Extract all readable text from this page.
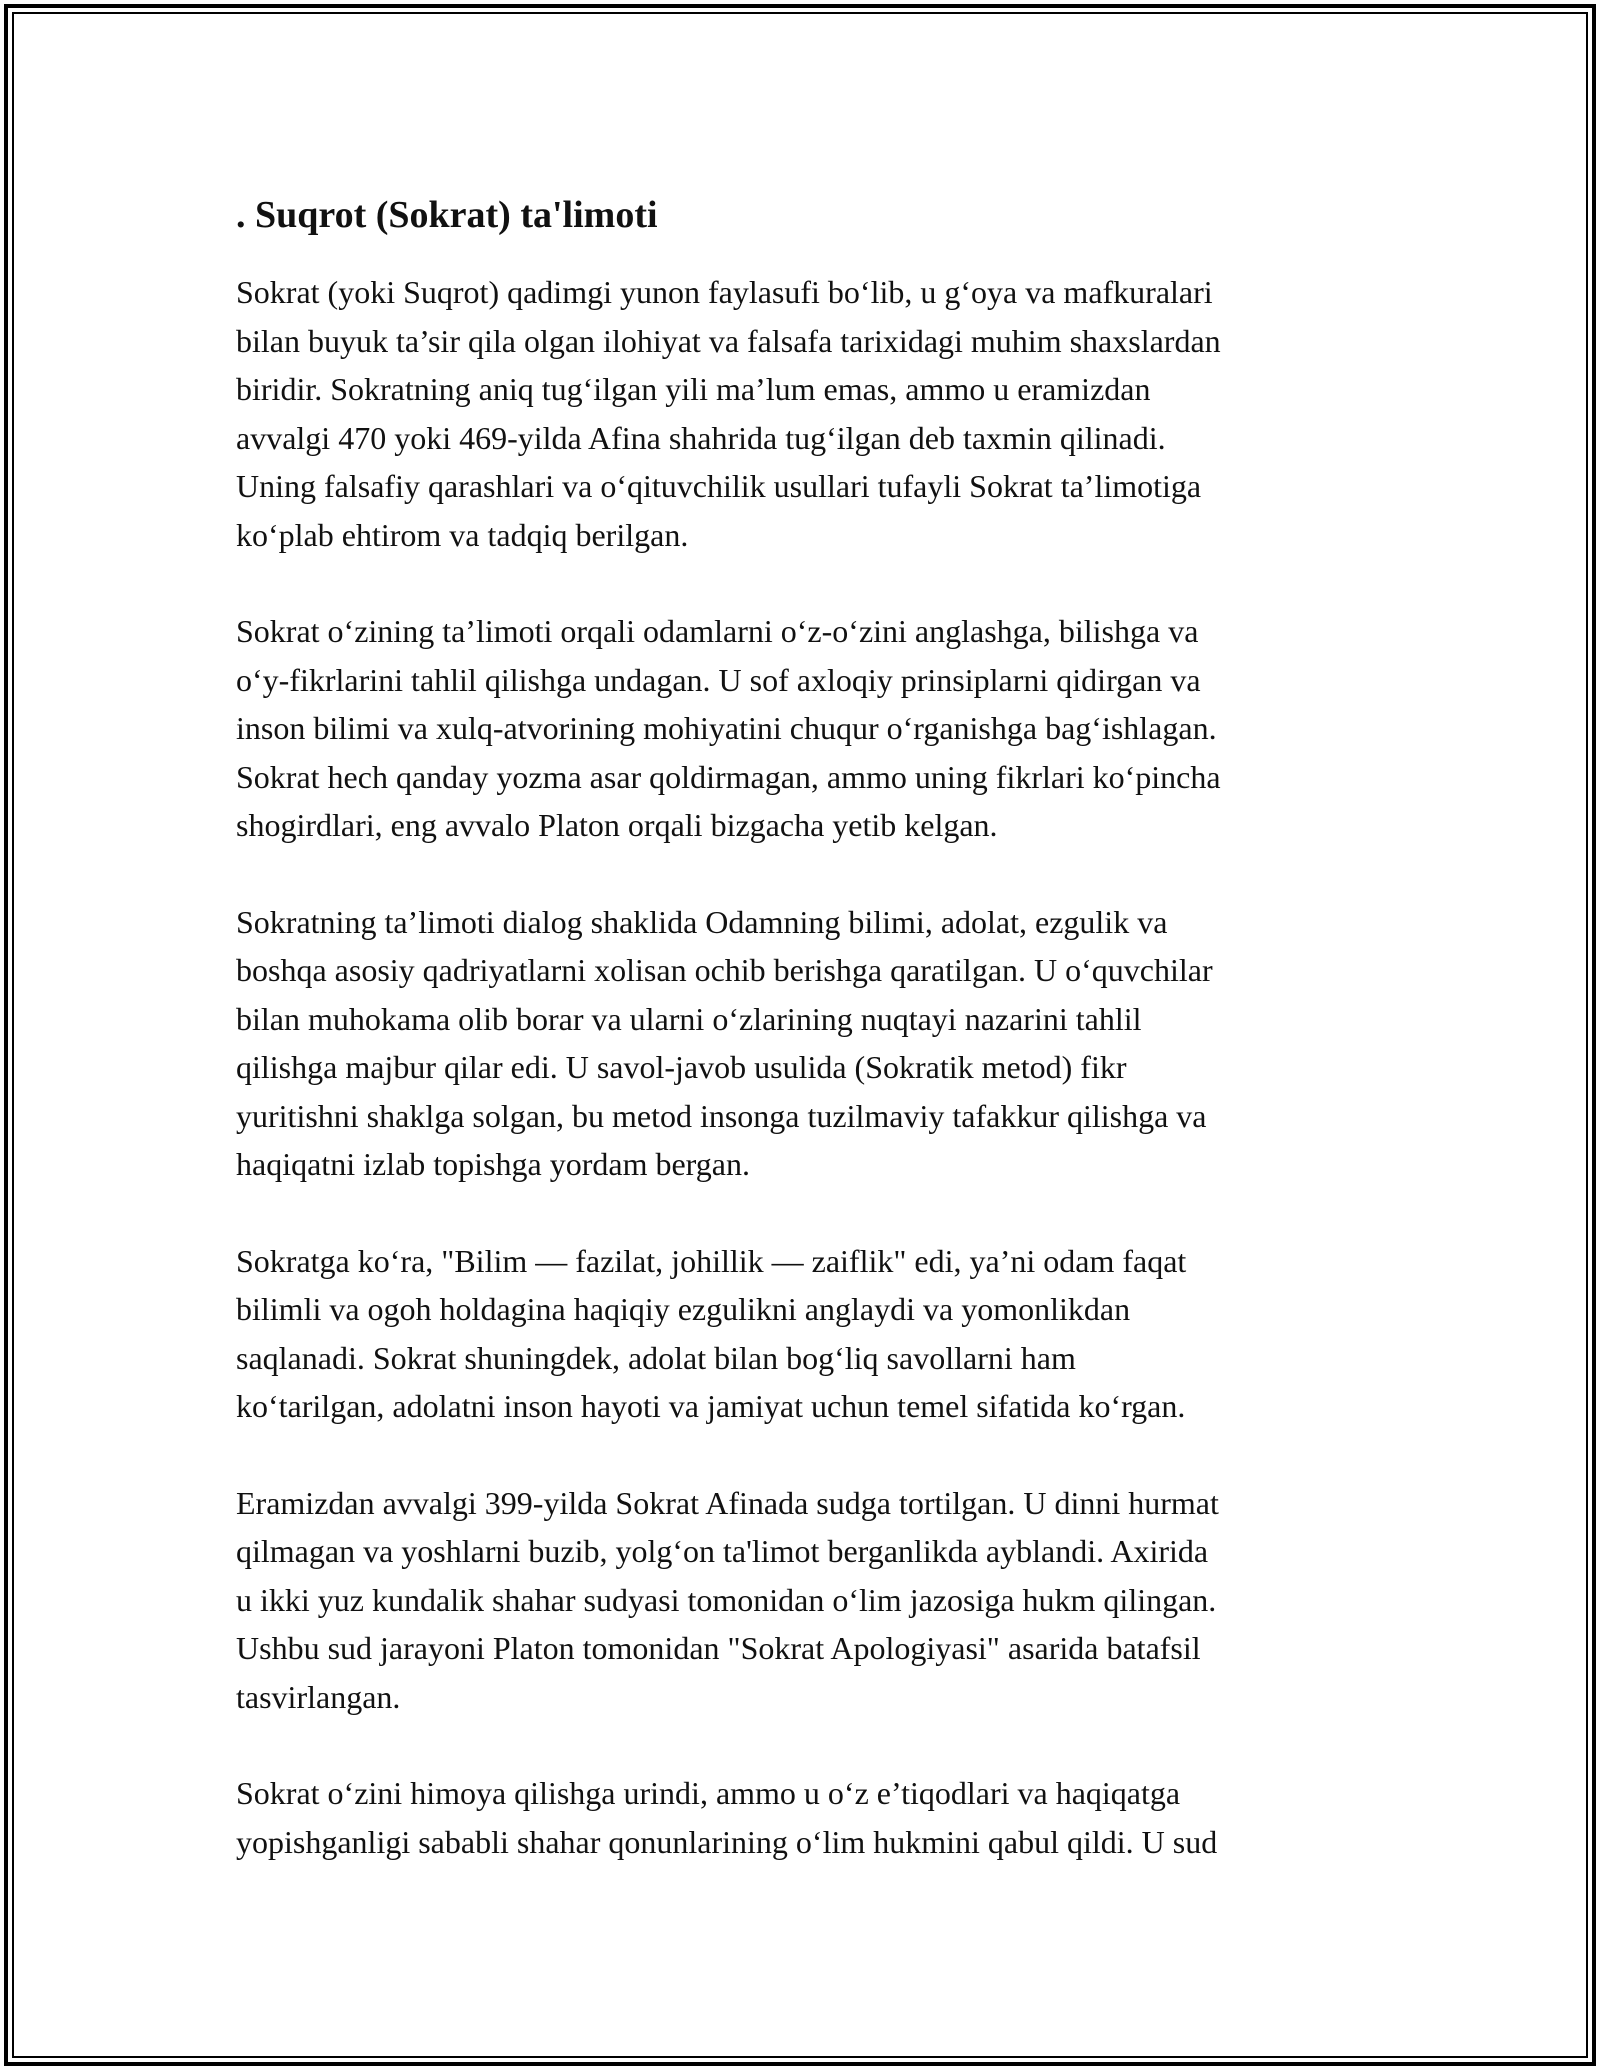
. Suqrot (Sokrat) ta'limoti

Sokrat (yoki Suqrot) qadimgi yunon faylasufi bo‘lib, u g‘oya va mafkuralari
bilan buyuk ta’sir qila olgan ilohiyat va falsafa tarixidagi muhim shaxslardan
biridir. Sokratning aniq tug‘ilgan yili ma’lum emas, ammo u eramizdan
avvalgi 470 yoki 469-yilda Afina shahrida tug‘ilgan deb taxmin qilinadi.
Uning falsafiy qarashlari va o‘qituvchilik usullari tufayli Sokrat ta’limotiga
ko‘plab ehtirom va tadqiq berilgan.

Sokrat o‘zining ta’limoti orqali odamlarni o‘z-o‘zini anglashga, bilishga va
o‘y-fikrlarini tahlil qilishga undagan. U sof axloqiy prinsiplarni qidirgan va
inson bilimi va xulq-atvorining mohiyatini chuqur o‘rganishga bag‘ishlagan.
Sokrat hech qanday yozma asar qoldirmagan, ammo uning fikrlari ko‘pincha
shogirdlari, eng avvalo Platon orqali bizgacha yetib kelgan.

Sokratning ta’limoti dialog shaklida Odamning bilimi, adolat, ezgulik va
boshqa asosiy qadriyatlarni xolisan ochib berishga qaratilgan. U o‘quvchilar
bilan muhokama olib borar va ularni o‘zlarining nuqtayi nazarini tahlil
qilishga majbur qilar edi. U savol-javob usulida (Sokratik metod) fikr
yuritishni shaklga solgan, bu metod insonga tuzilmaviy tafakkur qilishga va
haqiqatni izlab topishga yordam bergan.

Sokratga ko‘ra, "Bilim — fazilat, johillik — zaiflik" edi, ya’ni odam faqat
bilimli va ogoh holdagina haqiqiy ezgulikni anglaydi va yomonlikdan
saqlanadi. Sokrat shuningdek, adolat bilan bog‘liq savollarni ham
ko‘tarilgan, adolatni inson hayoti va jamiyat uchun temel sifatida ko‘rgan.

Eramizdan avvalgi 399-yilda Sokrat Afinada sudga tortilgan. U dinni hurmat
qilmagan va yoshlarni buzib, yolg‘on ta'limot berganlikda ayblandi. Axirida
u ikki yuz kundalik shahar sudyasi tomonidan o‘lim jazosiga hukm qilingan.
Ushbu sud jarayoni Platon tomonidan "Sokrat Apologiyasi" asarida batafsil
tasvirlangan.

Sokrat o‘zini himoya qilishga urindi, ammo u o‘z e’tiqodlari va haqiqatga
yopishganligi sababli shahar qonunlarining o‘lim hukmini qabul qildi. U sud
